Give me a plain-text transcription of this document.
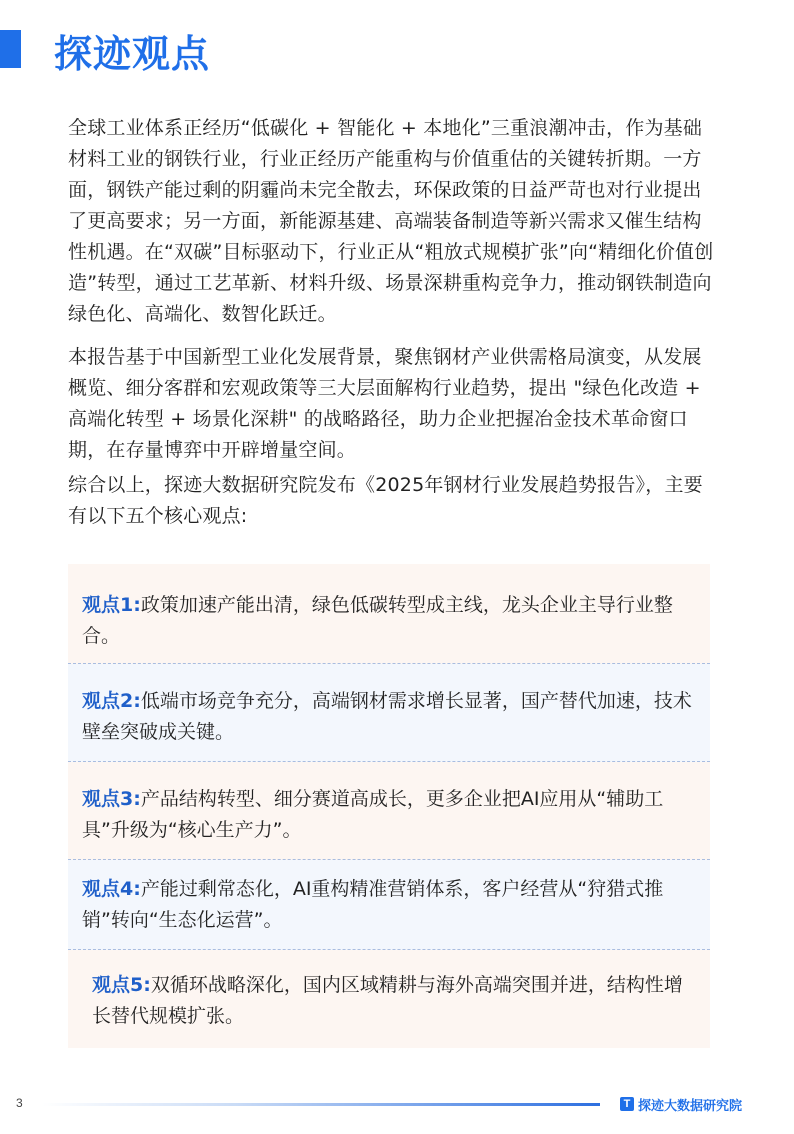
探迹观点

全球工业体系正经历“低碳化 + 智能化 + 本地化”三重浪潮冲击，作为基础材料工业的钢铁行业，行业正经历产能重构与价值重估的关键转折期。一方面，钢铁产能过剩的阴霾尚未完全散去，环保政策的日益严苛也对行业提出了更高要求；另一方面，新能源基建、高端装备制造等新兴需求又催生结构性机遇。在“双碳”目标驱动下，行业正从“粗放式规模扩张”向“精细化价值创造”转型，通过工艺革新、材料升级、场景深耕重构竞争力，推动钢铁制造向绿色化、高端化、数智化跃迁。

本报告基于中国新型工业化发展背景，聚焦钢材产业供需格局演变，从发展概览、细分客群和宏观政策等三大层面解构行业趋势，提出 "绿色化改造 + 高端化转型 + 场景化深耕" 的战略路径，助力企业把握冶金技术革命窗口期，在存量博弈中开辟增量空间。

综合以上，探迹大数据研究院发布《2025年钢材行业发展趋势报告》，主要有以下五个核心观点:

观点1:政策加速产能出清，绿色低碳转型成主线，龙头企业主导行业整合。
观点2:低端市场竞争充分，高端钢材需求增长显著，国产替代加速，技术壁垒突破成关键。
观点3:产品结构转型、细分赛道高成长，更多企业把AI应用从“辅助工具”升级为“核心生产力”。
观点4:产能过剩常态化，AI重构精准营销体系，客户经营从“狩猎式推销”转向“生态化运营”。
观点5:双循环战略深化，国内区域精耕与海外高端突围并进，结构性增长替代规模扩张。
3	T 探迹大数据研究院
